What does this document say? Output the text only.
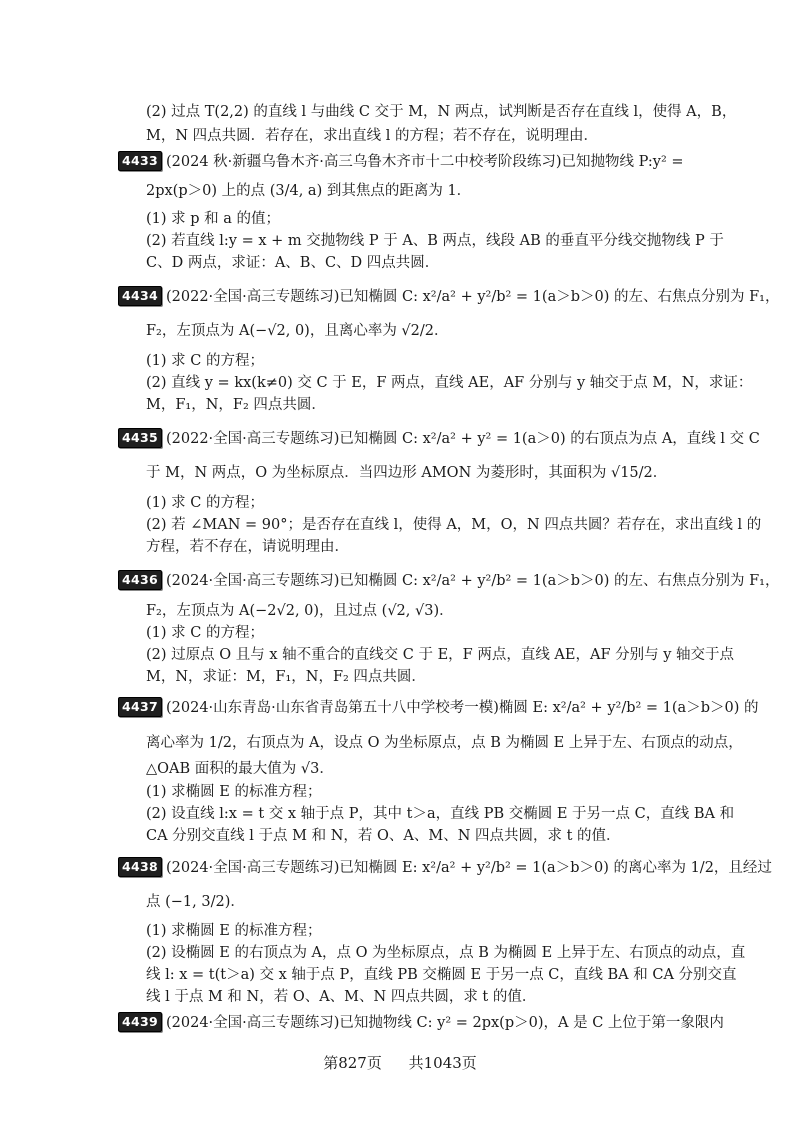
(2) 过点 T(2,2) 的直线 l 与曲线 C 交于 M，N 两点，试判断是否存在直线 l，使得 A，B，
M，N 四点共圆．若存在，求出直线 l 的方程；若不存在，说明理由．
4433 (2024 秋·新疆乌鲁木齐·高三乌鲁木齐市十二中校考阶段练习)已知抛物线 P:y² =
2px(p＞0) 上的点 (3/4, a) 到其焦点的距离为 1．
(1) 求 p 和 a 的值；
(2) 若直线 l:y = x + m 交抛物线 P 于 A、B 两点，线段 AB 的垂直平分线交抛物线 P 于
C、D 两点，求证：A、B、C、D 四点共圆．
4434 (2022·全国·高三专题练习)已知椭圆 C: x²/a² + y²/b² = 1(a＞b＞0) 的左、右焦点分别为 F₁，
F₂，左顶点为 A(−√2, 0)，且离心率为 √2/2．
(1) 求 C 的方程；
(2) 直线 y = kx(k≠0) 交 C 于 E，F 两点，直线 AE，AF 分别与 y 轴交于点 M，N，求证：
M，F₁，N，F₂ 四点共圆．
4435 (2022·全国·高三专题练习)已知椭圆 C: x²/a² + y² = 1(a＞0) 的右顶点为点 A，直线 l 交 C
于 M，N 两点，O 为坐标原点．当四边形 AMON 为菱形时，其面积为 √15/2．
(1) 求 C 的方程；
(2) 若 ∠MAN = 90°；是否存在直线 l，使得 A，M，O，N 四点共圆？若存在，求出直线 l 的
方程，若不存在，请说明理由．
4436 (2024·全国·高三专题练习)已知椭圆 C: x²/a² + y²/b² = 1(a＞b＞0) 的左、右焦点分别为 F₁，
F₂，左顶点为 A(−2√2, 0)，且过点 (√2, √3)．
(1) 求 C 的方程；
(2) 过原点 O 且与 x 轴不重合的直线交 C 于 E，F 两点，直线 AE，AF 分别与 y 轴交于点
M，N，求证：M，F₁，N，F₂ 四点共圆．
4437 (2024·山东青岛·山东省青岛第五十八中学校考一模)椭圆 E: x²/a² + y²/b² = 1(a＞b＞0) 的
离心率为 1/2，右顶点为 A，设点 O 为坐标原点，点 B 为椭圆 E 上异于左、右顶点的动点，
△OAB 面积的最大值为 √3．
(1) 求椭圆 E 的标准方程；
(2) 设直线 l:x = t 交 x 轴于点 P，其中 t＞a，直线 PB 交椭圆 E 于另一点 C，直线 BA 和
CA 分别交直线 l 于点 M 和 N，若 O、A、M、N 四点共圆，求 t 的值．
4438 (2024·全国·高三专题练习)已知椭圆 E: x²/a² + y²/b² = 1(a＞b＞0) 的离心率为 1/2，且经过
点 (−1, 3/2)．
(1) 求椭圆 E 的标准方程；
(2) 设椭圆 E 的右顶点为 A，点 O 为坐标原点，点 B 为椭圆 E 上异于左、右顶点的动点，直
线 l: x = t(t＞a) 交 x 轴于点 P，直线 PB 交椭圆 E 于另一点 C，直线 BA 和 CA 分别交直
线 l 于点 M 和 N，若 O、A、M、N 四点共圆，求 t 的值．
4439 (2024·全国·高三专题练习)已知抛物线 C: y² = 2px(p＞0)，A 是 C 上位于第一象限内
第827页 共1043页
